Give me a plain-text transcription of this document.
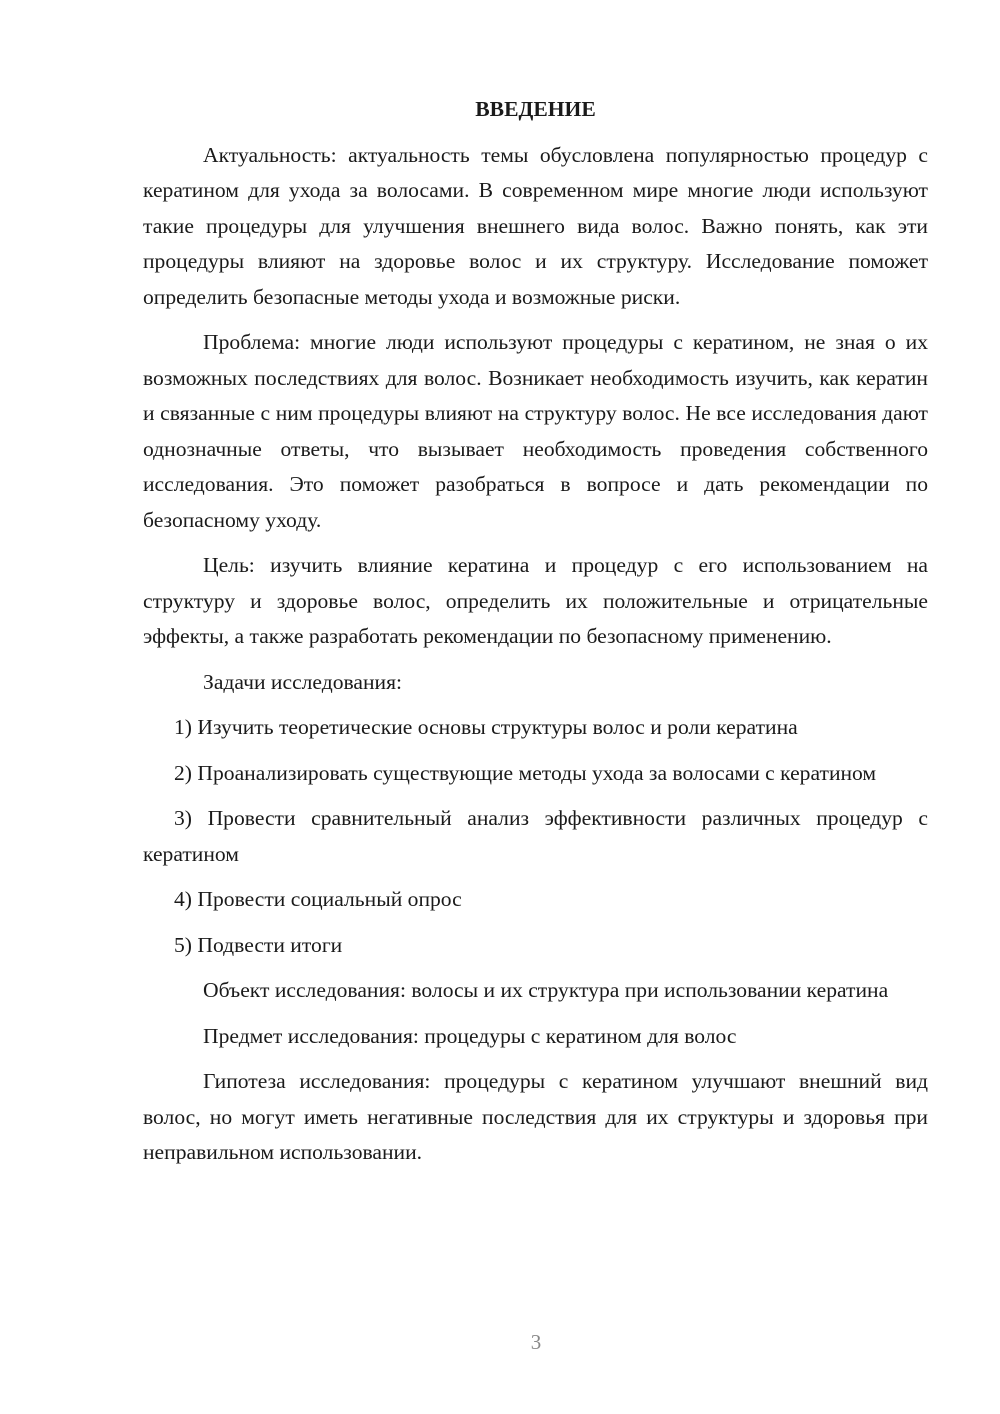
ВВЕДЕНИЕ

Актуальность: актуальность темы обусловлена популярностью процедур с кератином для ухода за волосами. В современном мире многие люди используют такие процедуры для улучшения внешнего вида волос. Важно понять, как эти процедуры влияют на здоровье волос и их структуру. Исследование поможет определить безопасные методы ухода и возможные риски.

Проблема: многие люди используют процедуры с кератином, не зная о их возможных последствиях для волос. Возникает необходимость изучить, как кератин и связанные с ним процедуры влияют на структуру волос. Не все исследования дают однозначные ответы, что вызывает необходимость проведения собственного исследования. Это поможет разобраться в вопросе и дать рекомендации по безопасному уходу.

Цель: изучить влияние кератина и процедур с его использованием на структуру и здоровье волос, определить их положительные и отрицательные эффекты, а также разработать рекомендации по безопасному применению.

Задачи исследования:

1) Изучить теоретические основы структуры волос и роли кератина

2) Проанализировать существующие методы ухода за волосами с кератином

3) Провести сравнительный анализ эффективности различных процедур с кератином

4) Провести социальный опрос

5) Подвести итоги

Объект исследования: волосы и их структура при использовании кератина

Предмет исследования: процедуры с кератином для волос

Гипотеза исследования: процедуры с кератином улучшают внешний вид волос, но могут иметь негативные последствия для их структуры и здоровья при неправильном использовании.

3
